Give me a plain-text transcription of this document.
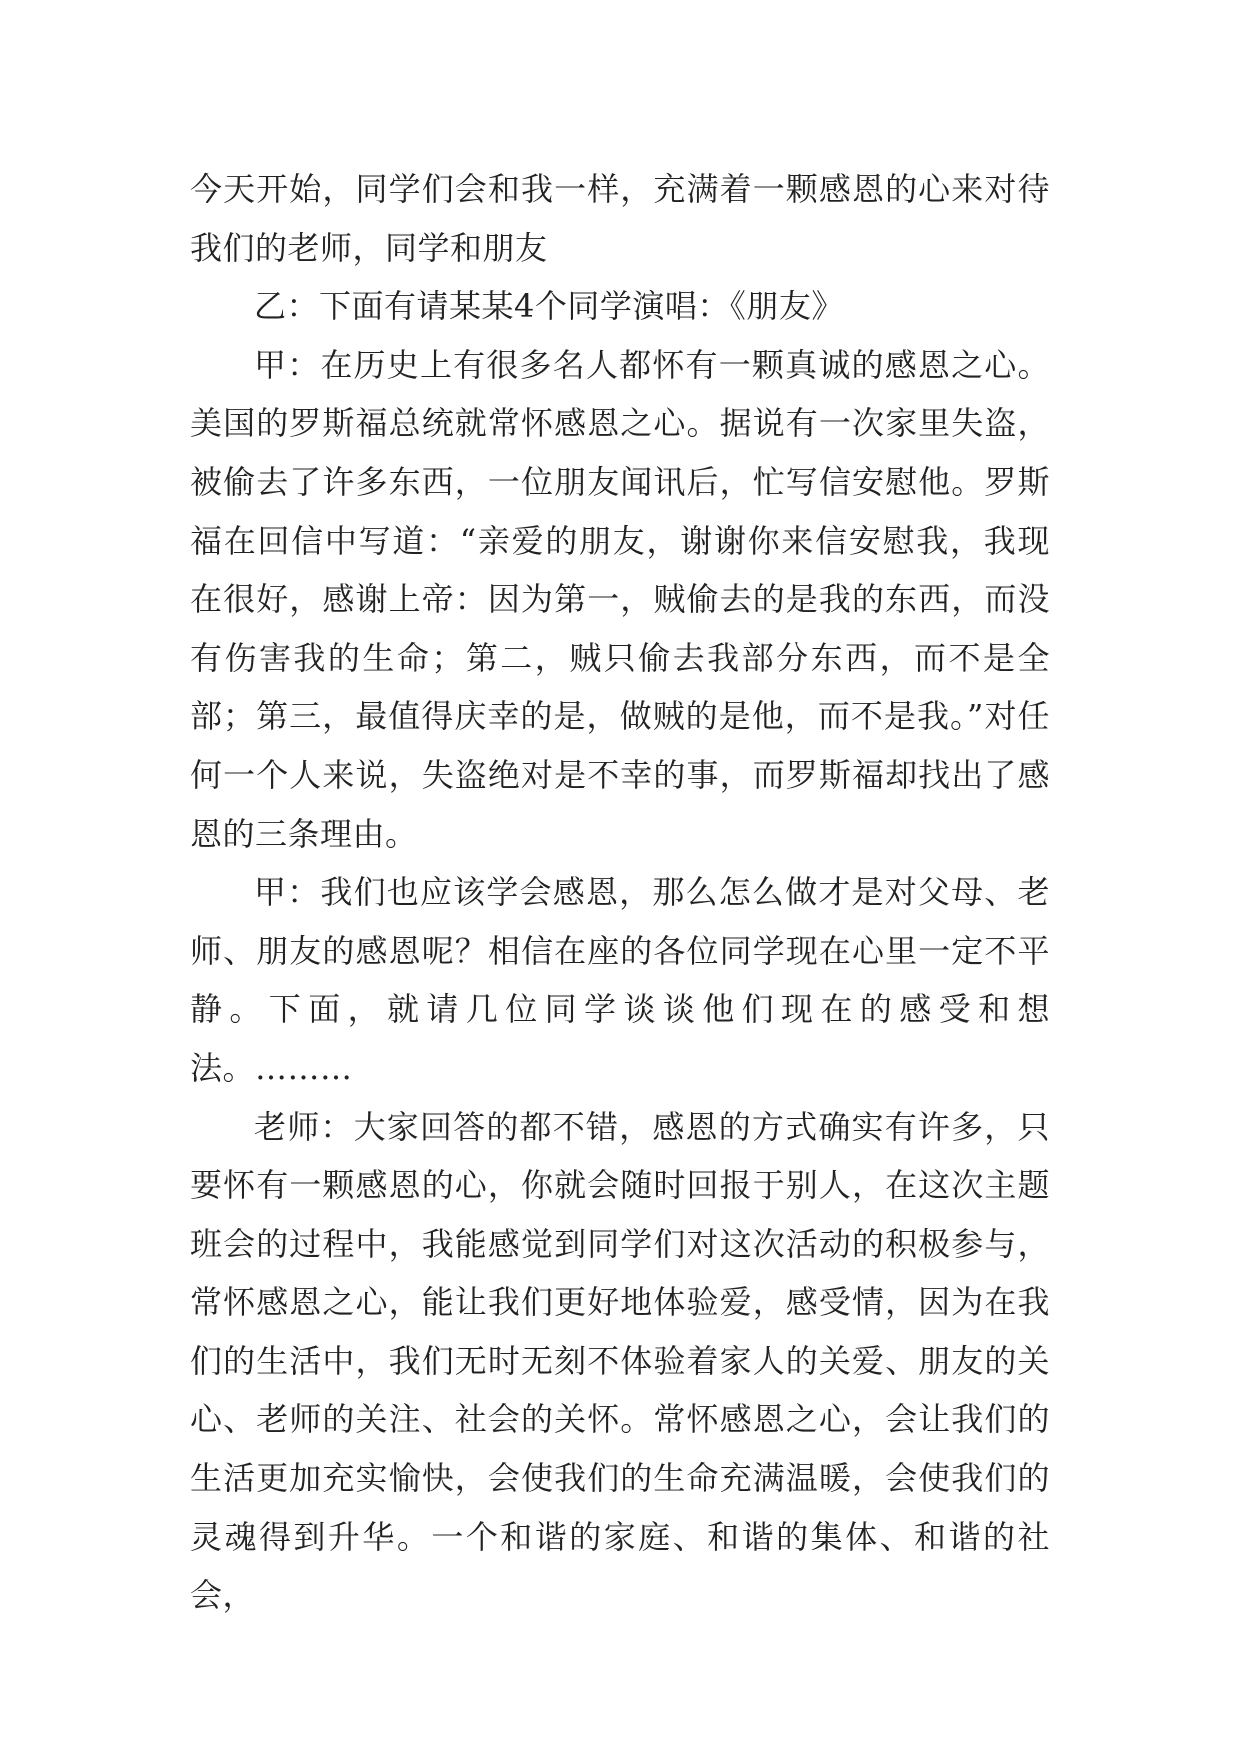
今天开始，同学们会和我一样，充满着一颗感恩的心来对待我们的老师，同学和朋友

乙：下面有请某某4个同学演唱：《朋友》

甲：在历史上有很多名人都怀有一颗真诚的感恩之心。美国的罗斯福总统就常怀感恩之心。据说有一次家里失盗，被偷去了许多东西，一位朋友闻讯后，忙写信安慰他。罗斯福在回信中写道：“亲爱的朋友，谢谢你来信安慰我，我现在很好，感谢上帝：因为第一，贼偷去的是我的东西，而没有伤害我的生命；第二，贼只偷去我部分东西，而不是全部；第三，最值得庆幸的是，做贼的是他，而不是我。”对任何一个人来说，失盗绝对是不幸的事，而罗斯福却找出了感恩的三条理由。

甲：我们也应该学会感恩，那么怎么做才是对父母、老师、朋友的感恩呢？相信在座的各位同学现在心里一定不平静。下面，就请几位同学谈谈他们现在的感受和想法。………

老师：大家回答的都不错，感恩的方式确实有许多，只要怀有一颗感恩的心，你就会随时回报于别人，在这次主题班会的过程中，我能感觉到同学们对这次活动的积极参与，常怀感恩之心，能让我们更好地体验爱，感受情，因为在我们的生活中，我们无时无刻不体验着家人的关爱、朋友的关心、老师的关注、社会的关怀。常怀感恩之心，会让我们的生活更加充实愉快，会使我们的生命充满温暖，会使我们的灵魂得到升华。一个和谐的家庭、和谐的集体、和谐的社会，
